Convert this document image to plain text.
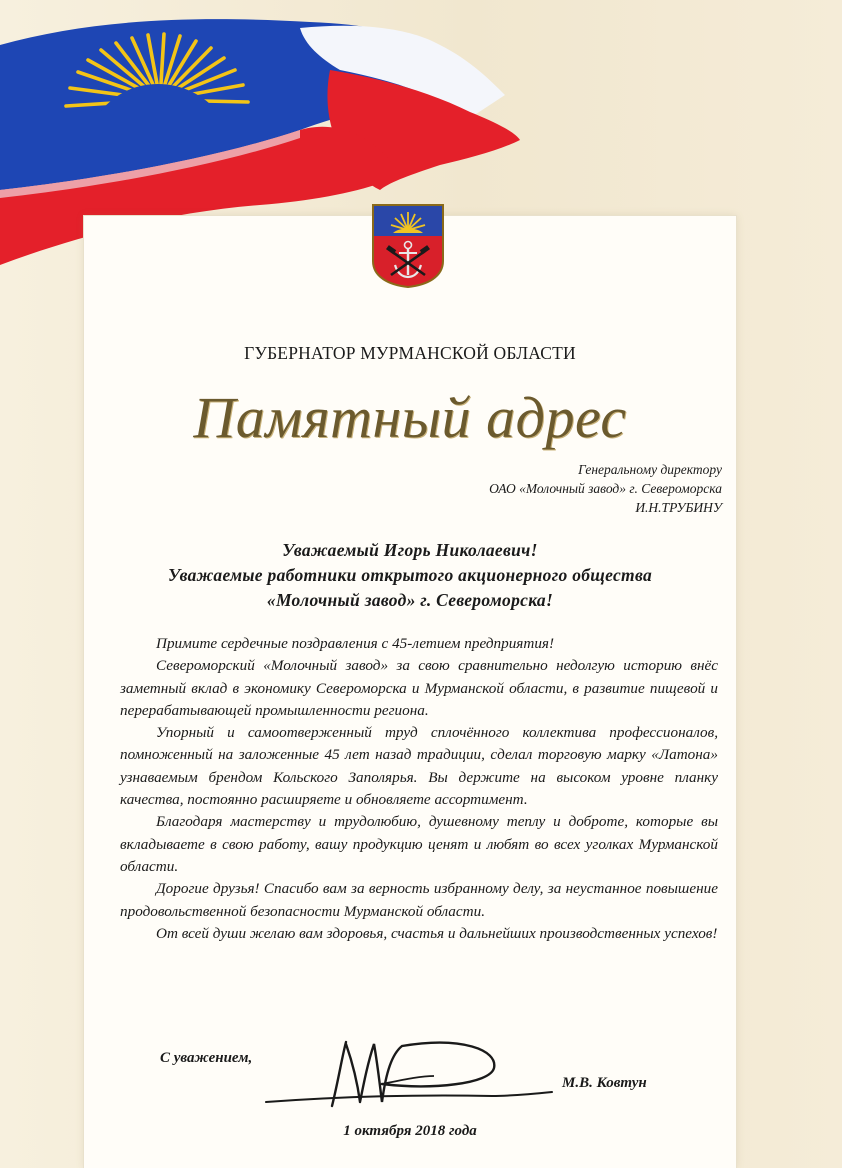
ГУБЕРНАТОР МУРМАНСКОЙ ОБЛАСТИ
Памятный адрес
Генеральному директору
ОАО «Молочный завод» г. Североморска
И.Н.ТРУБИНУ
Уважаемый Игорь Николаевич!
Уважаемые работники открытого акционерного общества
«Молочный завод» г. Североморска!

Примите сердечные поздравления с 45-летием предприятия!

Североморский «Молочный завод» за свою сравнительно недолгую историю внёс заметный вклад в экономику Североморска и Мурманской области, в развитие пищевой и перерабатывающей промышленности региона.

Упорный и самоотверженный труд сплочённого коллектива профессионалов, помноженный на заложенные 45 лет назад традиции, сделал торговую марку «Латона» узнаваемым брендом Кольского Заполярья. Вы держите на высоком уровне планку качества, постоянно расширяете и обновляете ассортимент.

Благодаря мастерству и трудолюбию, душевному теплу и доброте, которые вы вкладываете в свою работу, вашу продукцию ценят и любят во всех уголках Мурманской области.

Дорогие друзья! Спасибо вам за верность избранному делу, за неустанное повышение продовольственной безопасности Мурманской области.

От всей души желаю вам здоровья, счастья и дальнейших производственных успехов!

С уважением,
М.В. Ковтун
1 октября 2018 года
